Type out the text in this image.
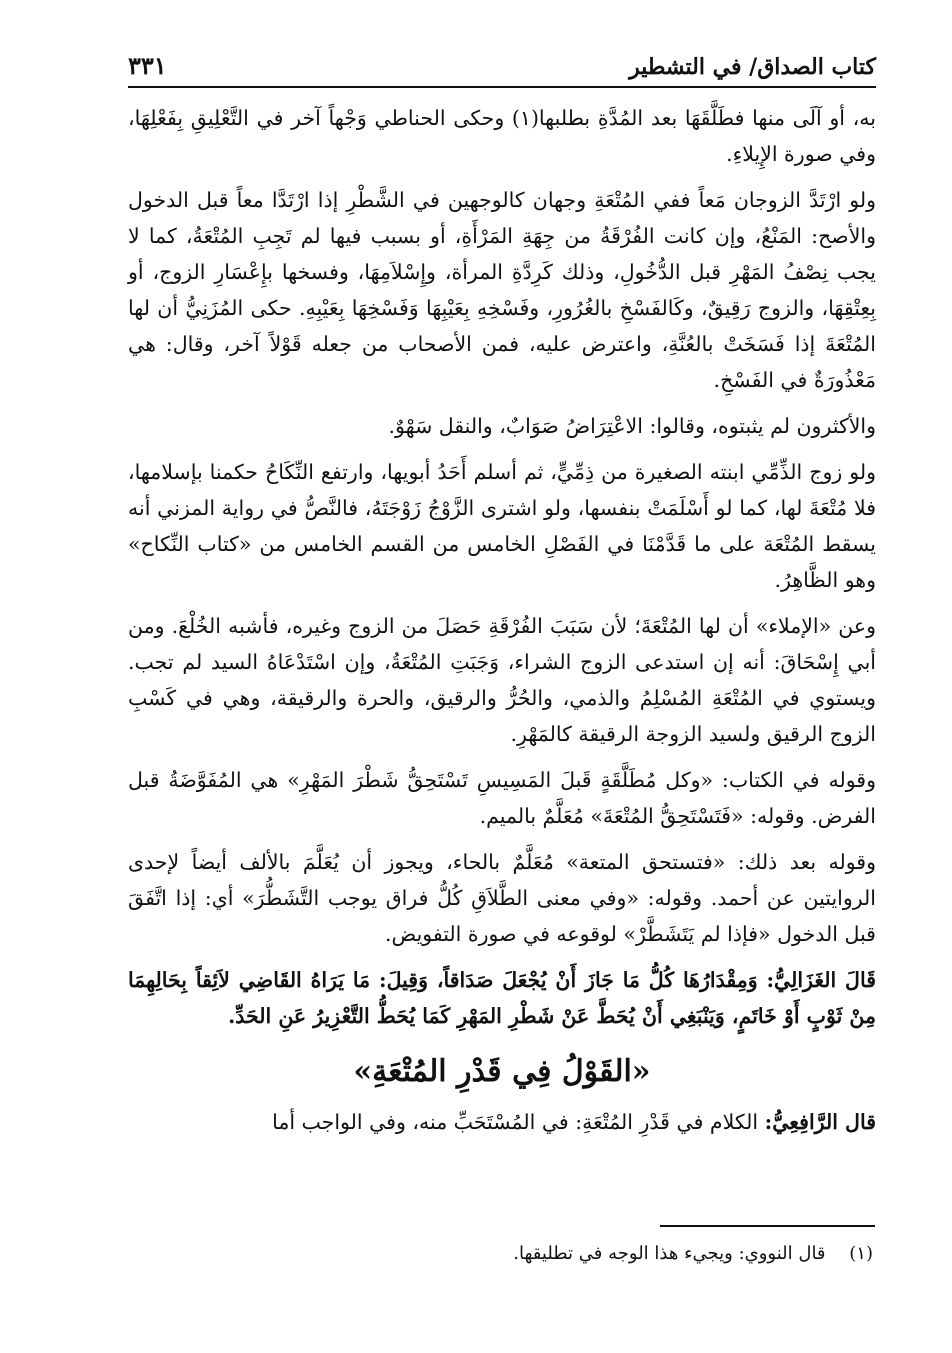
كتاب الصداق/ في التشطير
٣٣١

به، أو آلَى منها فطَلَّقَهَا بعد المُدَّةِ بطلبها(١) وحكى الحناطي وَجْهاً آخر في التَّعْلِيقِ بِفَعْلِهَا، وفي صورة الإِيلاءِ.

ولو ارْتَدَّ الزوجان مَعاً ففي المُتْعَةِ وجهان كالوجهين في الشَّطْرِ إذا ارْتَدَّا معاً قبل الدخول والأصح: المَنْعُ، وإن كانت الفُرْقَةُ من جِهَةِ المَرْأَةِ، أو بسبب فيها لم تَجِبِ المُتْعَةُ، كما لا يجب نِصْفُ المَهْرِ قبل الدُّخُولِ، وذلك كَرِدَّةِ المرأة، وإِسْلاَمِهَا، وفسخها بإِعْسَارِ الزوج، أو بِعِتْقِهَا، والزوج رَقِيقٌ، وكَالفَسْخِ بالغُرُورِ، وفَسْخِهِ بِعَيْبِهَا وَفَسْخِهَا بِعَيْبِهِ. حكى المُزَنِيُّ أن لها المُتْعَةَ إذا فَسَخَتْ بالعُنَّةِ، واعترض عليه، فمن الأصحاب من جعله قَوْلاً آخر، وقال: هي مَعْذُورَةٌ في الفَسْخِ.

والأكثرون لم يثبتوه، وقالوا: الاعْتِرَاضُ صَوَابٌ، والنقل سَهْوٌ.

ولو زوج الذِّمِّي ابنته الصغيرة من ذِمِّيٍّ، ثم أسلم أَحَدُ أبويها، وارتفع النِّكَاحُ حكمنا بإسلامها، فلا مُتْعَةَ لها، كما لو أَسْلَمَتْ بنفسها، ولو اشترى الزَّوْجُ زَوْجَتَهُ، فالنَّصُّ في رواية المزني أنه يسقط المُتْعَة على ما قَدَّمْنَا في الفَصْلِ الخامس من القسم الخامس من «كتاب النِّكاح» وهو الظَّاهِرُ.

وعن «الإملاء» أن لها المُتْعَةَ؛ لأن سَبَبَ الفُرْقَةِ حَصَلَ من الزوج وغيره، فأشبه الخُلْعَ. ومن أبي إِسْحَاقَ: أنه إن استدعى الزوج الشراء، وَجَبَتِ المُتْعَةُ، وإن اسْتَدْعَاهُ السيد لم تجب. ويستوي في المُتْعَةِ المُسْلِمُ والذمي، والحُرُّ والرقيق، والحرة والرقيقة، وهي في كَسْبِ الزوج الرقيق ولسيد الزوجة الرقيقة كالمَهْرِ.

وقوله في الكتاب: «وكل مُطَلَّقَةٍ قَبلَ المَسِيسِ تَسْتَحِقُّ شَطْرَ المَهْرِ» هي المُفَوَّضَةُ قبل الفرض. وقوله: «فَتَسْتَحِقُّ المُتْعَةَ» مُعَلَّمٌ بالميم.

وقوله بعد ذلك: «فتستحق المتعة» مُعَلَّمٌ بالحاء، ويجوز أن يُعَلَّمَ بالألف أيضاً لإحدى الروايتين عن أحمد. وقوله: «وفي معنى الطَّلاَقِ كُلُّ فراق يوجب التَّشَطُّرَ» أي: إذا اتَّفَقَ قبل الدخول «فإذا لم يَتَشَطَّرْ» لوقوعه في صورة التفويض.

قَالَ الغَزَالِيُّ: وَمِقْدَارُهَا كُلُّ مَا جَازَ أَنْ يُجْعَلَ صَدَاقاً، وَقِيلَ: مَا يَرَاهُ القَاضِي لاَئِقاً بِحَالِهِمَا مِنْ ثَوْبٍ أَوْ خَاتَمٍ، وَيَنْبَغِي أَنْ يُحَطَّ عَنْ شَطْرِ المَهْرِ كَمَا يُحَطُّ التَّعْزِيرُ عَنِ الحَدِّ.

«القَوْلُ فِي قَدْرِ المُتْعَةِ»

قال الرَّافِعِيُّ: الكلام في قَدْرِ المُتْعَةِ: في المُسْتَحَبِّ منه، وفي الواجب أما

(١) قال النووي: ويجيء هذا الوجه في تطليقها.
